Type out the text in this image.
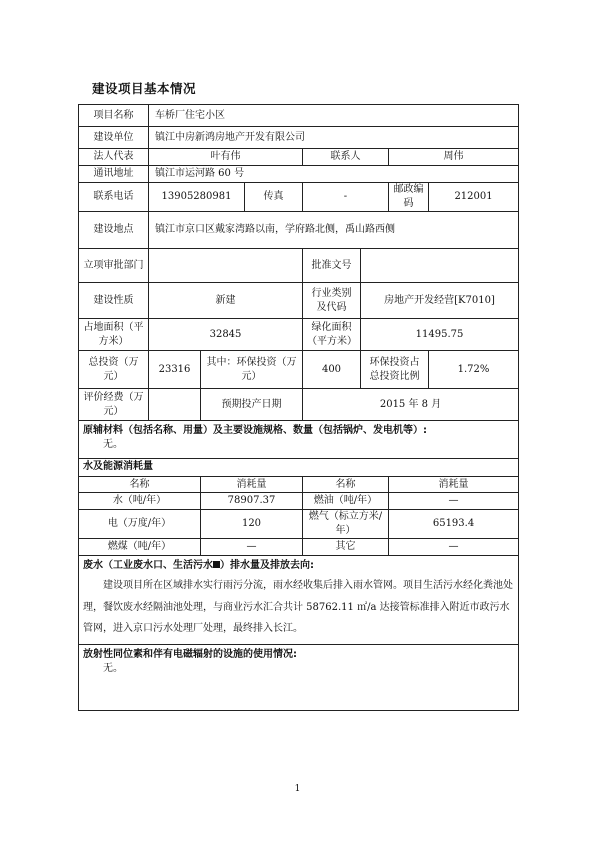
建设项目基本情况
项目名称	车桥厂住宅小区						
建设单位	镇江中房新鸿房地产开发有限公司						
法人代表	叶有伟			联系人		周伟	
通讯地址	镇江市运河路 60 号						
联系电话	13905280981		传真	-		邮政编码	212001
建设地点	镇江市京口区戴家湾路以南，学府路北侧，禹山路西侧						
立项审批部门				批准文号			
建设性质	新建			行业类别及代码	房地产开发经营[K7010]		
占地面积（平方米）	32845			绿化面积（平方米）	11495.75		
总投资（万元）	23316	其中：环保投资（万元）		400	环保投资占总投资比例		1.72%
评价经费（万元）		预期投产日期		2015 年 8 月			

原辅材料（包括名称、用量）及主要设施规格、数量（包括锅炉、发电机等）:
无。							

水及能源消耗量							
名称		消耗量		名称		消耗量	
水（吨/年）		78907.37		燃油（吨/年）		—	
电（万度/年）		120		燃气（标立方米/年）		65193.4	
燃煤（吨/年）		—		其它		—	

废水（工业废水口、生活污水 ）排水量及排放去向:
建设项目所在区域排水实行雨污分流，雨水经收集后排入雨水管网。项目生活污水经化粪池处理，餐饮废水经隔油池处理，与商业污水汇合共计 58762.11 ㎡/a 达接管标准排入附近市政污水管网，进入京口污水处理厂处理，最终排入长江。							

放射性同位素和伴有电磁辐射的设施的使用情况:
无。							
1
